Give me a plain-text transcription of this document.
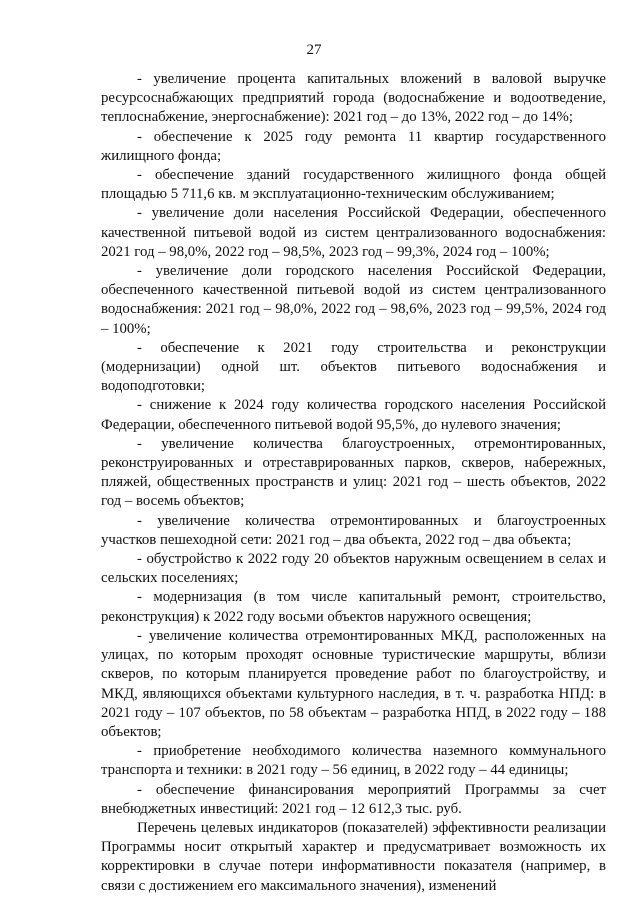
27

- увеличение процента капитальных вложений в валовой выручке ресурсоснабжающих предприятий города (водоснабжение и водоотведение, теплоснабжение, энергоснабжение): 2021 год – до 13%, 2022 год – до 14%;

- обеспечение к 2025 году ремонта 11 квартир государственного жилищного фонда;

- обеспечение зданий государственного жилищного фонда общей площадью 5 711,6 кв. м эксплуатационно-техническим обслуживанием;

- увеличение доли населения Российской Федерации, обеспеченного качественной питьевой водой из систем централизованного водоснабжения: 2021 год – 98,0%, 2022 год – 98,5%, 2023 год – 99,3%, 2024 год – 100%;

- увеличение доли городского населения Российской Федерации, обеспеченного качественной питьевой водой из систем централизованного водоснабжения: 2021 год – 98,0%, 2022 год – 98,6%, 2023 год – 99,5%, 2024 год – 100%;

- обеспечение к 2021 году строительства и реконструкции (модернизации) одной шт. объектов питьевого водоснабжения и водоподготовки;

- снижение к 2024 году количества городского населения Российской Федерации, обеспеченного питьевой водой 95,5%, до нулевого значения;

- увеличение количества благоустроенных, отремонтированных, реконструированных и отреставрированных парков, скверов, набережных, пляжей, общественных пространств и улиц: 2021 год – шесть объектов, 2022 год – восемь объектов;

- увеличение количества отремонтированных и благоустроенных участков пешеходной сети: 2021 год – два объекта, 2022 год – два объекта;

- обустройство к 2022 году 20 объектов наружным освещением в селах и сельских поселениях;

- модернизация (в том числе капитальный ремонт, строительство, реконструкция) к 2022 году восьми объектов наружного освещения;

- увеличение количества отремонтированных МКД, расположенных на улицах, по которым проходят основные туристические маршруты, вблизи скверов, по которым планируется проведение работ по благоустройству, и МКД, являющихся объектами культурного наследия, в т. ч. разработка НПД: в 2021 году – 107 объектов, по 58 объектам – разработка НПД, в 2022 году – 188 объектов;

- приобретение необходимого количества наземного коммунального транспорта и техники: в 2021 году – 56 единиц, в 2022 году – 44 единицы;

- обеспечение финансирования мероприятий Программы за счет внебюджетных инвестиций: 2021 год – 12 612,3 тыс. руб.

Перечень целевых индикаторов (показателей) эффективности реализации Программы носит открытый характер и предусматривает возможность их корректировки в случае потери информативности показателя (например, в связи с достижением его максимального значения), изменений
